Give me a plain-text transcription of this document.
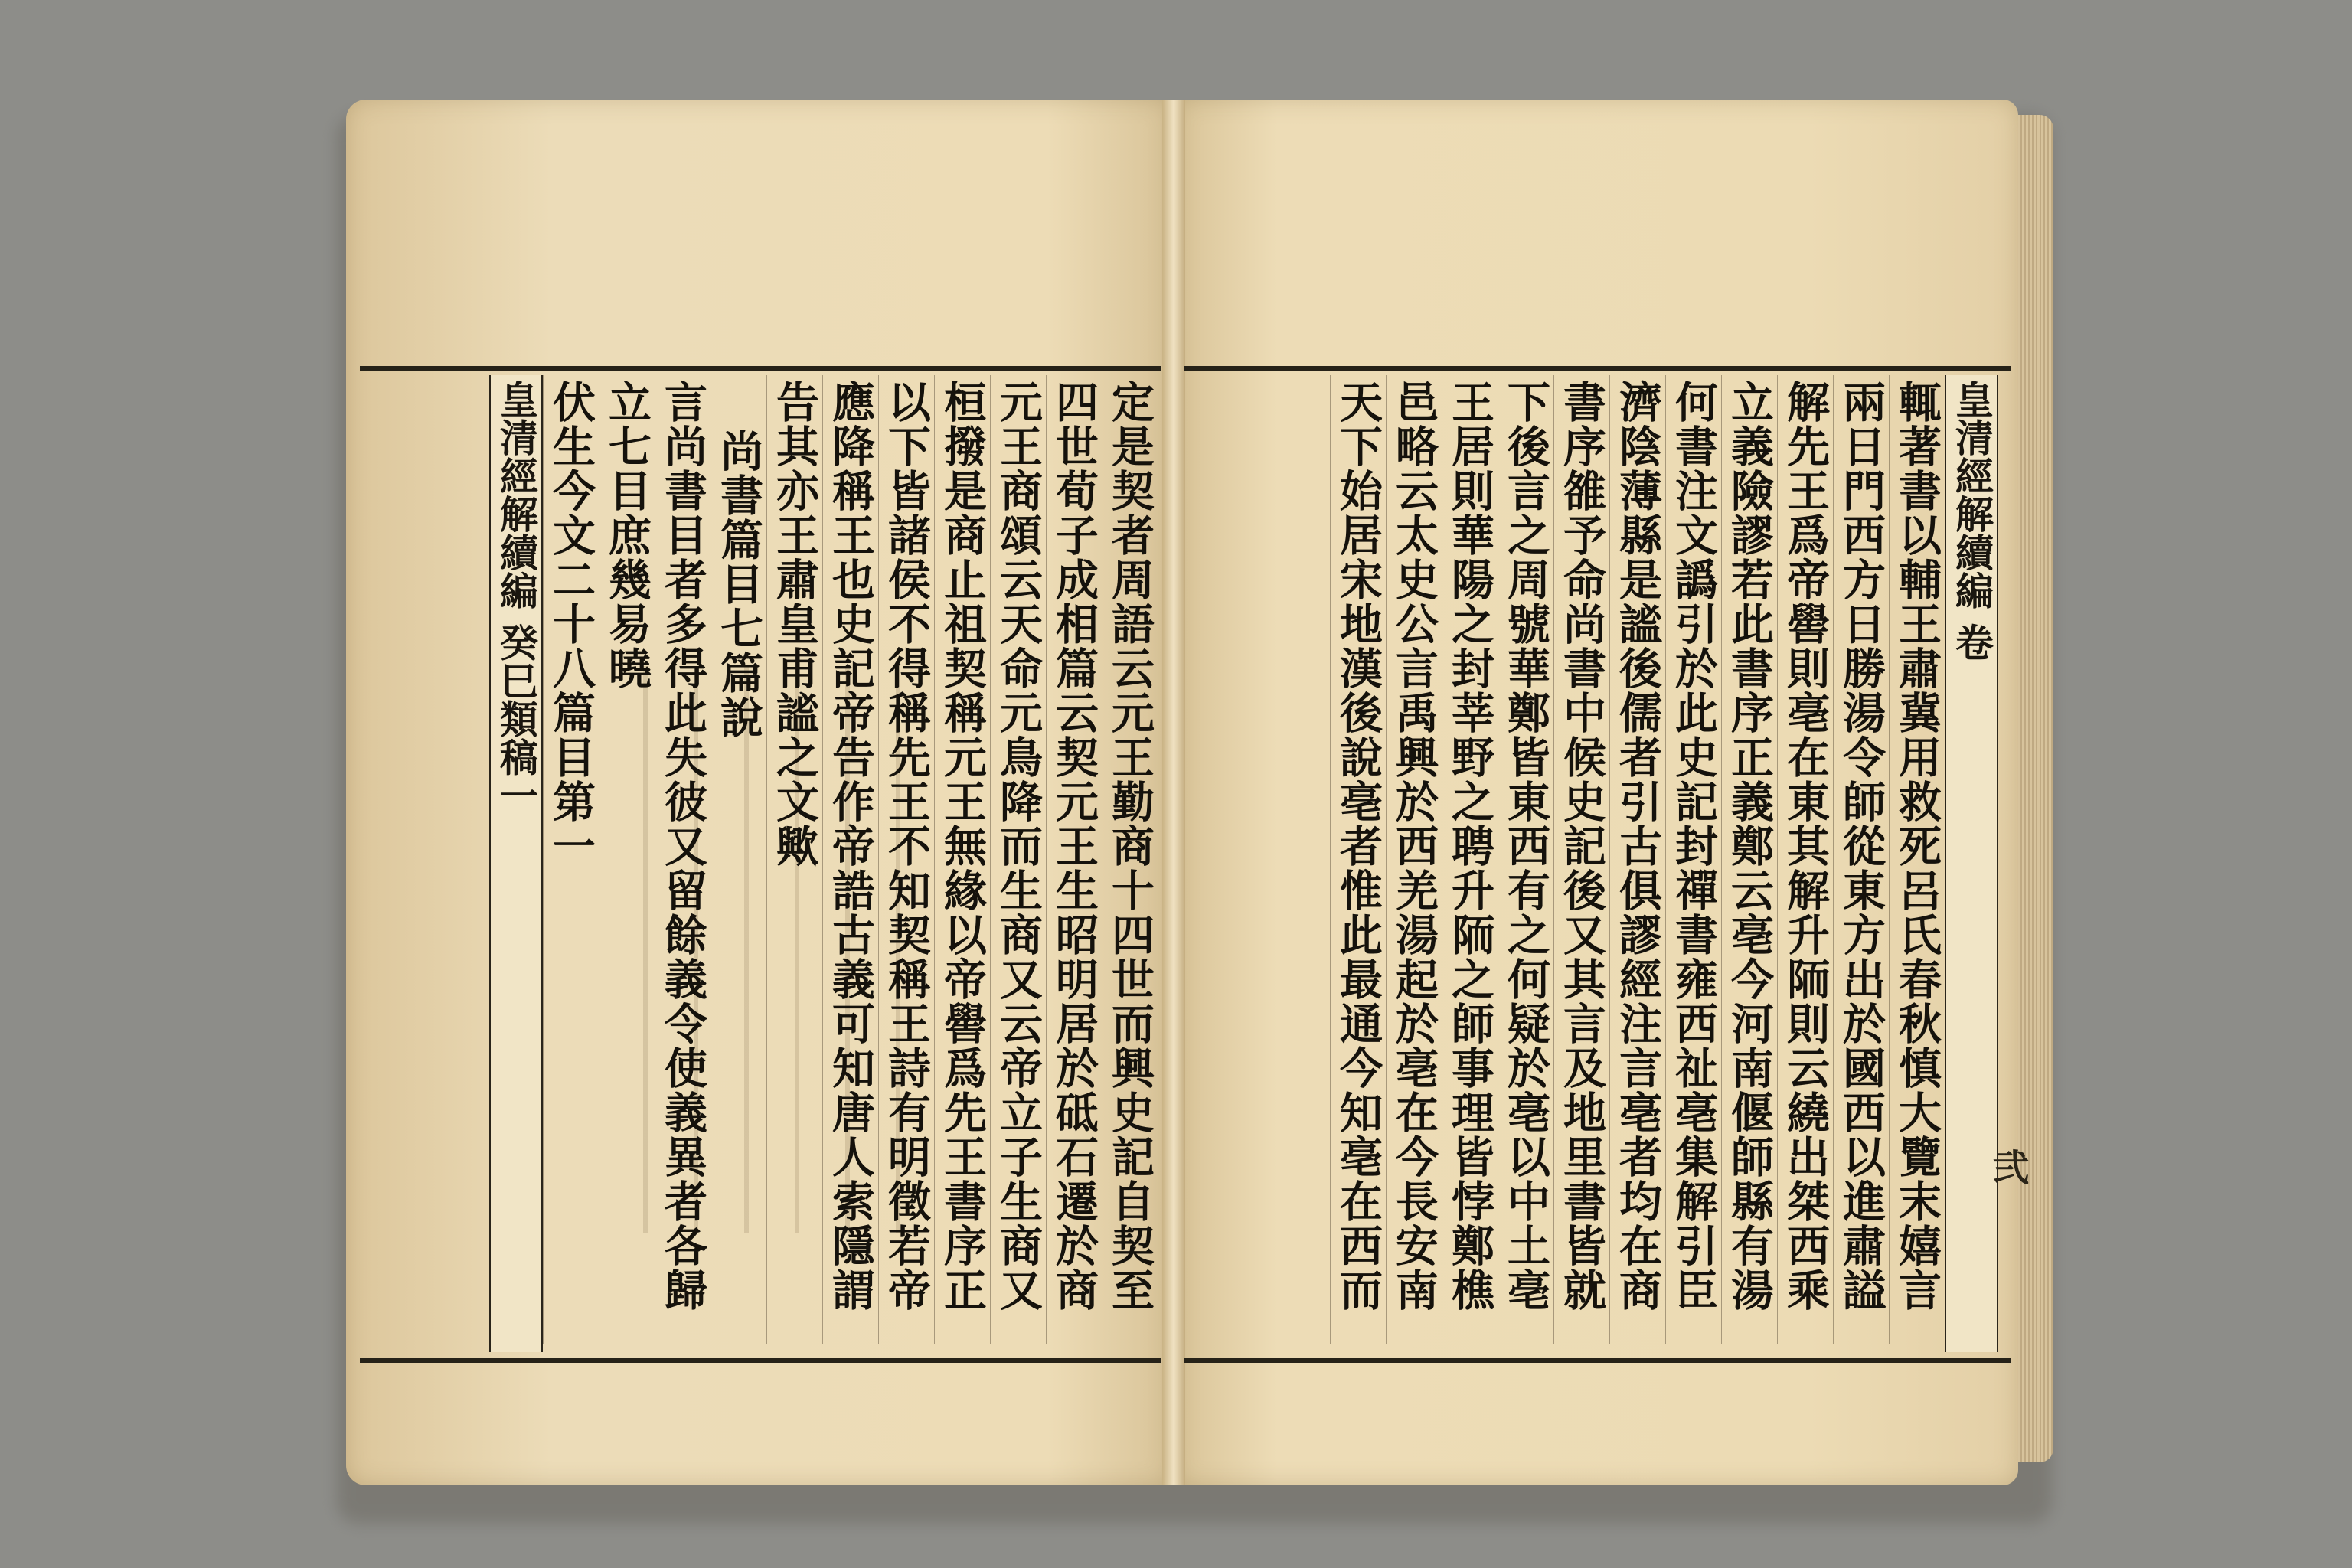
皇清經解續編 卷
輒著書以輔王肅冀用救死呂氏春秋慎大覽末嬉言
兩日門西方日勝湯令師從東方出於國西以進肅謚
解先王爲帝嚳則亳在東其解升陑則云繞出桀西乘
立義險謬若此書序正義鄭云亳今河南偃師縣有湯
何書注文譌引於此史記封禪書雍西祉亳集解引臣
濟陰薄縣是謐後儒者引古俱謬經注言亳者均在商
書序雒予命尚書中候史記後又其言及地里書皆就
下後言之周號華鄭皆東西有之何疑於亳以中土亳
王居則華陽之封莘野之聘升陑之師事理皆悖鄭樵
邑略云太史公言禹興於西羌湯起於亳在今長安南
天下始居宋地漢後說亳者惟此最通今知亳在西而
定是契者周語云元王勤商十四世而興史記自契至
四世荀子成相篇云契元王生昭明居於砥石遷於商
元王商頌云天命元鳥降而生商又云帝立子生商又
桓撥是商止祖契稱元王無緣以帝嚳爲先王書序正
以下皆諸侯不得稱先王不知契稱王詩有明徵若帝
應降稱王也史記帝告作帝誥古義可知唐人索隱謂
告其亦王肅皇甫謐之文歟
尚書篇目七篇說
言尚書目者多得此失彼又留餘義令使義異者各歸
立七目庶幾易曉
伏生今文二十八篇目第一
皇清經解續編 癸巳類稿一
弐
